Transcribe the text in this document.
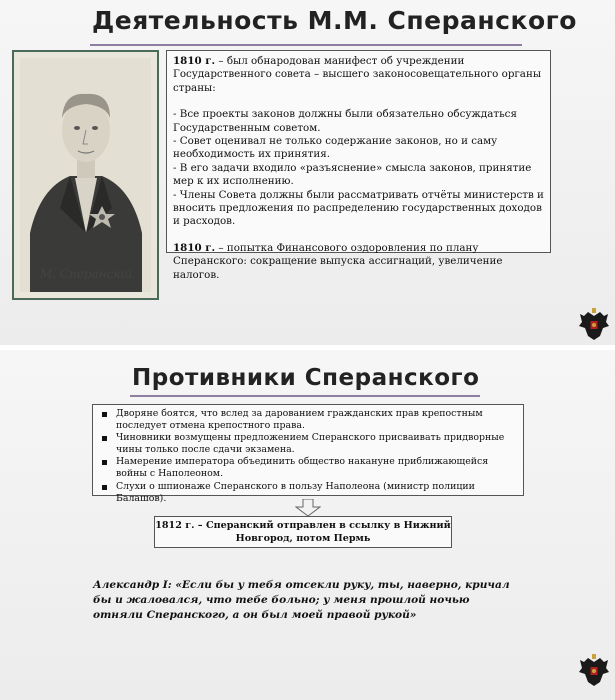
Деятельность М.М. Сперанского
М. Сперанскій

1810 г. – был обнародован манифест об учреждении Государственного совета – высшего законосовещательного органы страны:

- Все проекты законов должны были обязательно обсуждаться Государственным советом.

- Совет оценивал не только содержание законов, но и саму необходимость их принятия.

- В его задачи входило «разъяснение» смысла законов, принятие мер к их исполнению.

- Члены Совета должны были рассматривать отчёты министерств и вносить предложения по распределению государственных доходов и расходов.

1810 г. – попытка Финансового оздоровления по плану Сперанского: сокращение выпуска ассигнаций, увеличение налогов.

Противники Сперанского
Дворяне боятся, что вслед за дарованием гражданских прав крепостным последует отмена крепостного права.
Чиновники возмущены предложением Сперанского присваивать придворные чины только после сдачи экзамена.
Намерение императора объединить общество накануне приближающейся войны с Наполеоном.
Слухи о шпионаже Сперанского в пользу Наполеона (министр полиции Балашов).
1812 г. – Сперанский отправлен в ссылку в Нижний Новгород, потом Пермь
Александр I: «Если бы у тебя отсекли руку, ты, наверно, кричал бы и жаловался, что тебе больно; у меня прошлой ночью отняли Сперанского, а он был моей правой рукой»
